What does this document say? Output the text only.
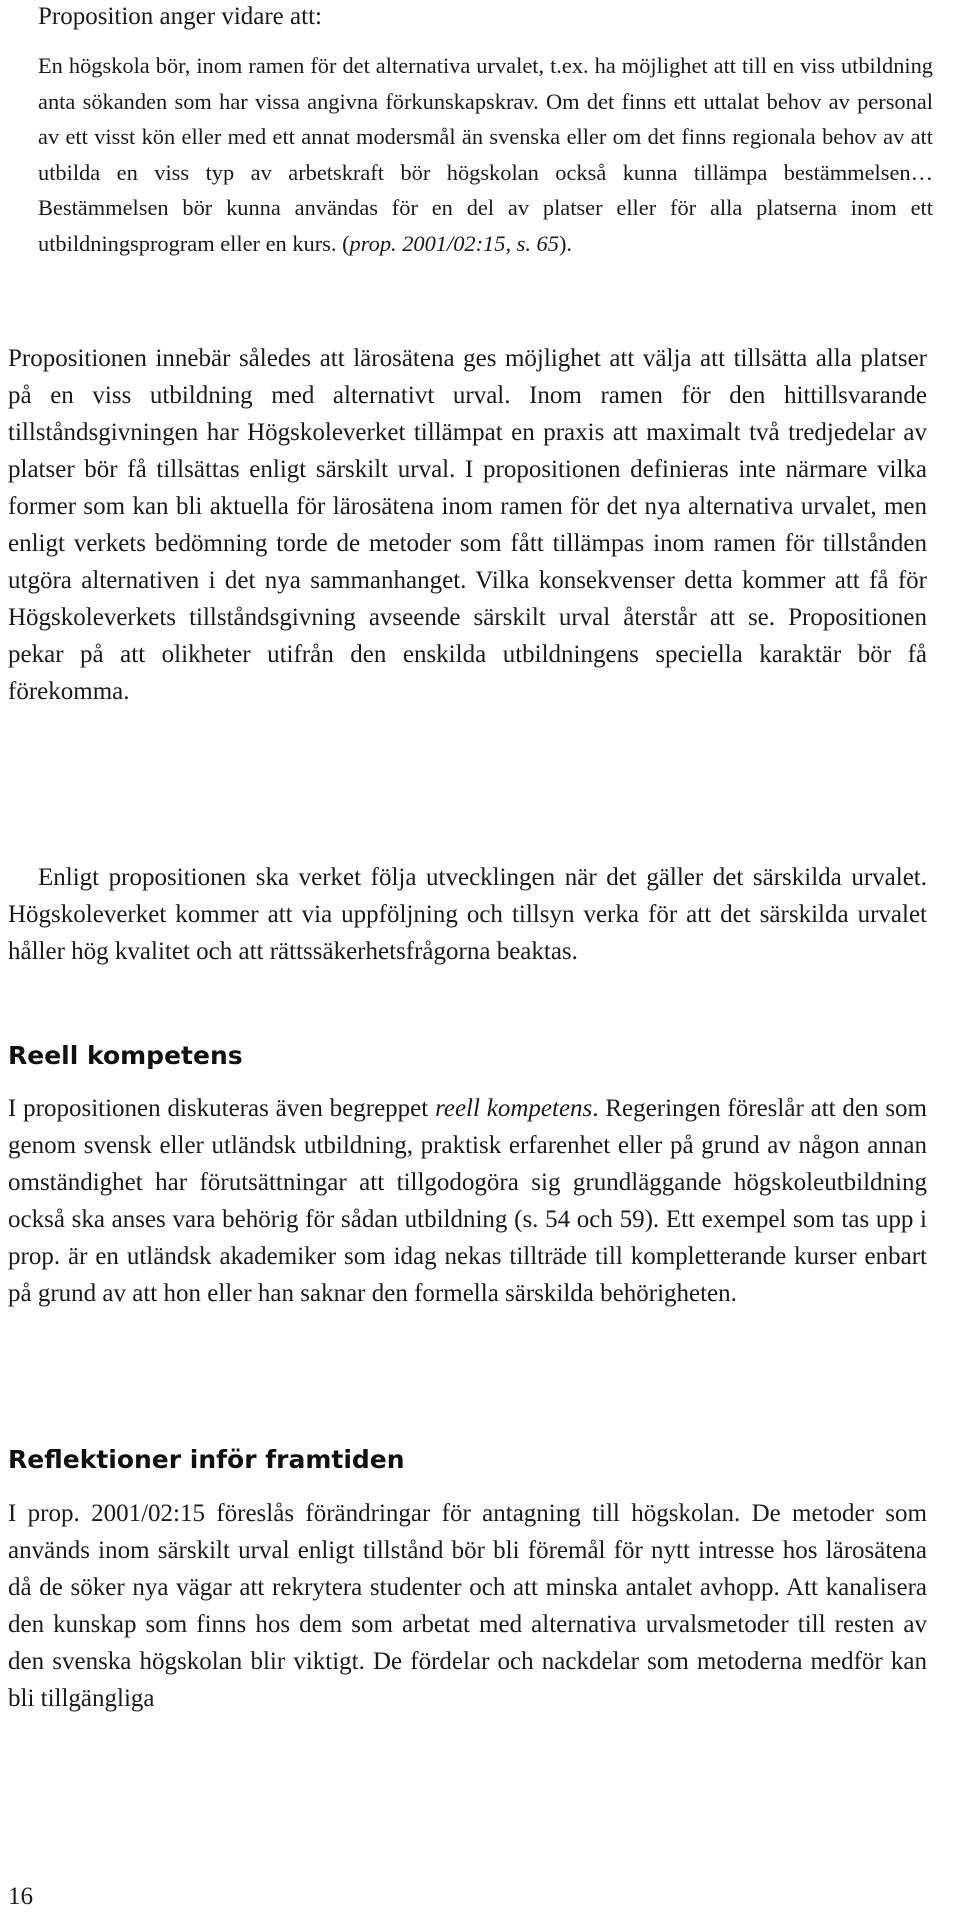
Proposition anger vidare att:

En högskola bör, inom ramen för det alternativa urvalet, t.ex. ha möjlighet att till en viss utbildning anta sökanden som har vissa angivna förkunskapskrav. Om det finns ett uttalat behov av personal av ett visst kön eller med ett annat modersmål än svenska eller om det finns regionala behov av att utbilda en viss typ av arbetskraft bör högskolan också kunna tillämpa bestämmelsen… Bestämmelsen bör kunna användas för en del av platser eller för alla platserna inom ett utbildningsprogram eller en kurs. (prop. 2001/02:15, s. 65).

Propositionen innebär således att lärosätena ges möjlighet att välja att tillsätta alla platser på en viss utbildning med alternativt urval. Inom ramen för den hittillsvarande tillståndsgivningen har Högskoleverket tillämpat en praxis att maximalt två tredjedelar av platser bör få tillsättas enligt särskilt urval. I propositionen definieras inte närmare vilka former som kan bli aktuella för lärosätena inom ramen för det nya alternativa urvalet, men enligt verkets bedömning torde de metoder som fått tillämpas inom ramen för tillstånden utgöra alternativen i det nya sammanhanget. Vilka konsekvenser detta kommer att få för Högskoleverkets tillståndsgivning avseende särskilt urval återstår att se. Propositionen pekar på att olikheter utifrån den enskilda utbildningens speciella karaktär bör få förekomma.

Enligt propositionen ska verket följa utvecklingen när det gäller det särskilda urvalet. Högskoleverket kommer att via uppföljning och tillsyn verka för att det särskilda urvalet håller hög kvalitet och att rättssäkerhetsfrågorna beaktas.

Reell kompetens

I propositionen diskuteras även begreppet reell kompetens. Regeringen föreslår att den som genom svensk eller utländsk utbildning, praktisk erfarenhet eller på grund av någon annan omständighet har förutsättningar att tillgodogöra sig grundläggande högskoleutbildning också ska anses vara behörig för sådan utbildning (s. 54 och 59). Ett exempel som tas upp i prop. är en utländsk akademiker som idag nekas tillträde till kompletterande kurser enbart på grund av att hon eller han saknar den formella särskilda behörigheten.

Reflektioner inför framtiden

I prop. 2001/02:15 föreslås förändringar för antagning till högskolan. De metoder som används inom särskilt urval enligt tillstånd bör bli föremål för nytt intresse hos lärosätena då de söker nya vägar att rekrytera studenter och att minska antalet avhopp. Att kanalisera den kunskap som finns hos dem som arbetat med alternativa urvalsmetoder till resten av den svenska högskolan blir viktigt. De fördelar och nackdelar som metoderna medför kan bli tillgängliga

16
